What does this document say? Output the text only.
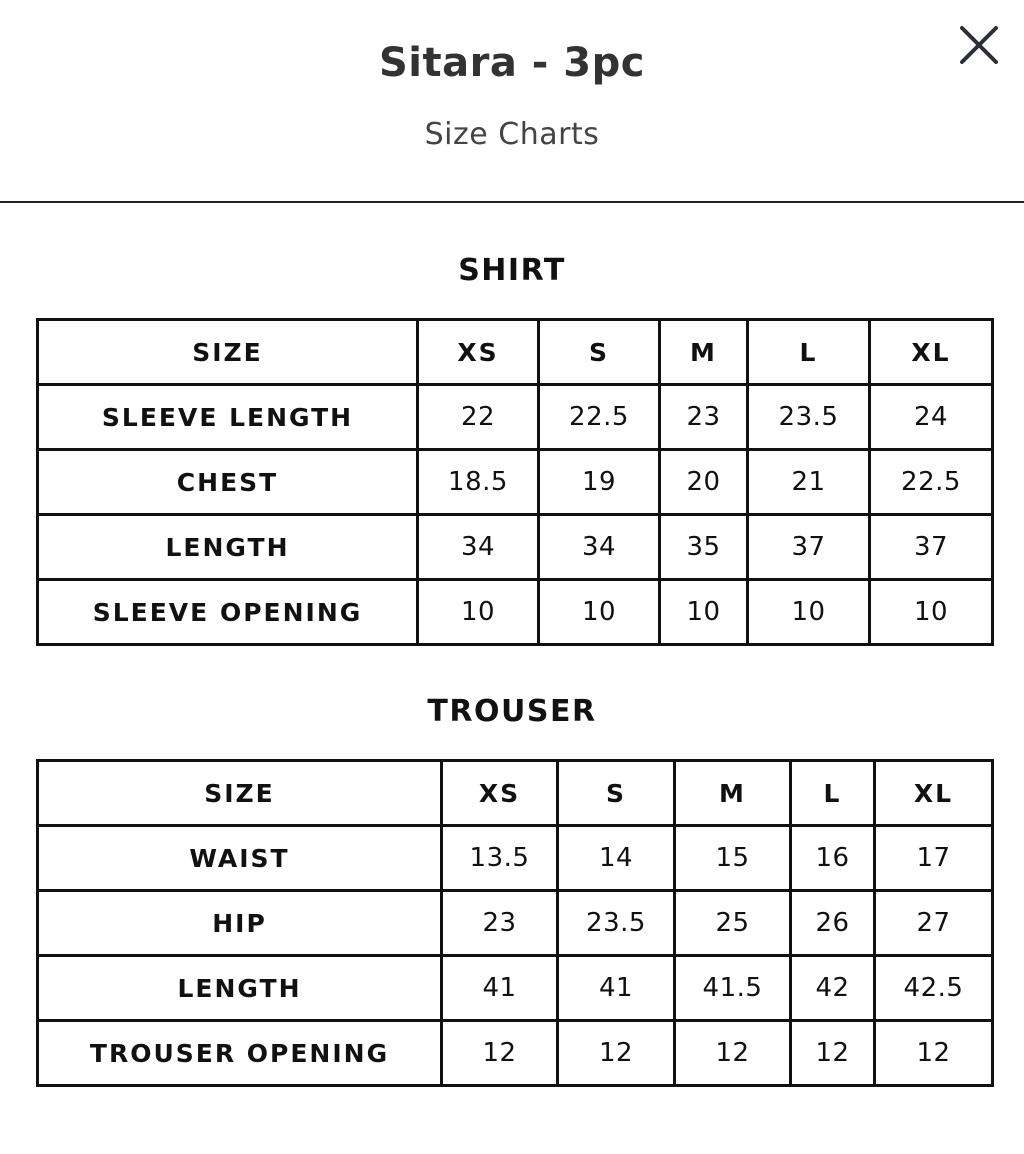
Sitara - 3pc
Size Charts
SHIRT
SIZE	XS	S	M	L	XL
SLEEVE LENGTH	22	22.5	23	23.5	24
CHEST	18.5	19	20	21	22.5
LENGTH	34	34	35	37	37
SLEEVE OPENING	10	10	10	10	10
TROUSER
SIZE	XS	S	M	L	XL
WAIST	13.5	14	15	16	17
HIP	23	23.5	25	26	27
LENGTH	41	41	41.5	42	42.5
TROUSER OPENING	12	12	12	12	12
